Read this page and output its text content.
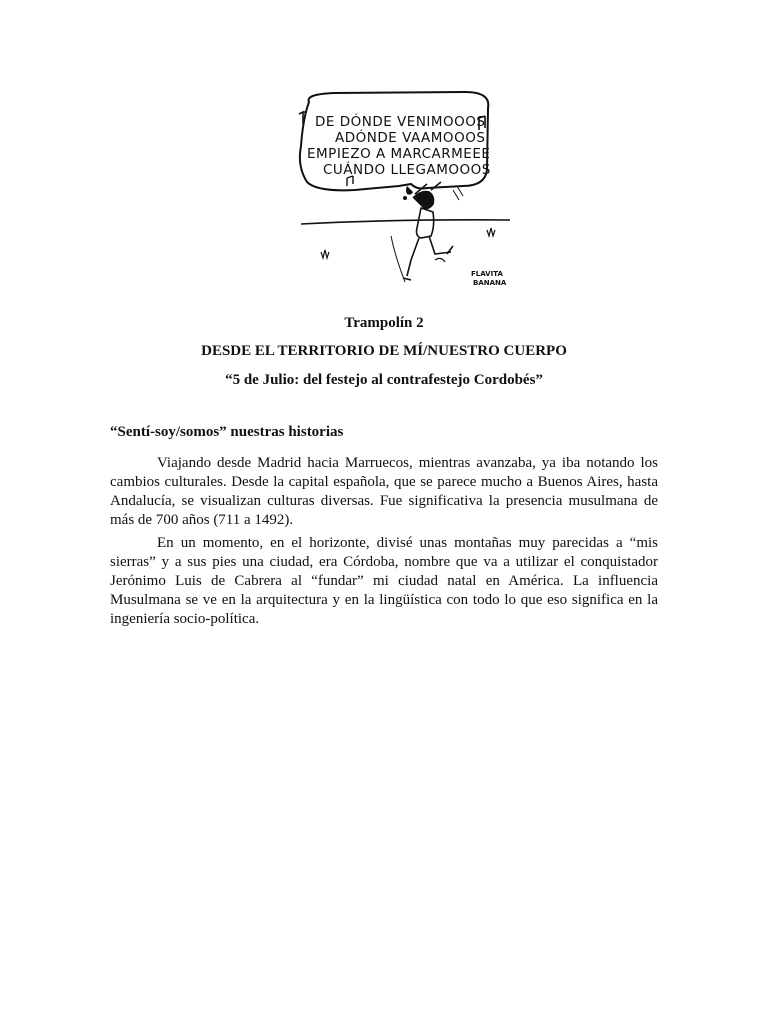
DE DÓNDE VENIMOOOS
ADÓNDE VAAMOOOS
EMPIEZO A MARCARMEEE
CUÁNDO LLEGAMOOOS
FLAVITA
BANANA
Trampolín 2
DESDE EL TERRITORIO DE MÍ/NUESTRO CUERPO
“5 de Julio: del festejo al contrafestejo Cordobés”
“Sentí-soy/somos” nuestras historias

Viajando desde Madrid hacia Marruecos, mientras avanzaba, ya iba notando los cambios culturales. Desde la capital española, que se parece mucho a Buenos Aires, hasta Andalucía, se visualizan culturas diversas. Fue significativa la presencia musulmana de más de 700 años (711 a 1492).

En un momento, en el horizonte, divisé unas montañas muy parecidas a “mis sierras” y a sus pies una ciudad, era Córdoba, nombre que va a utilizar el conquistador Jerónimo Luis de Cabrera al “fundar” mi ciudad natal en América. La influencia Musulmana se ve en la arquitectura y en la lingüística con todo lo que eso significa en la ingeniería socio-política.
